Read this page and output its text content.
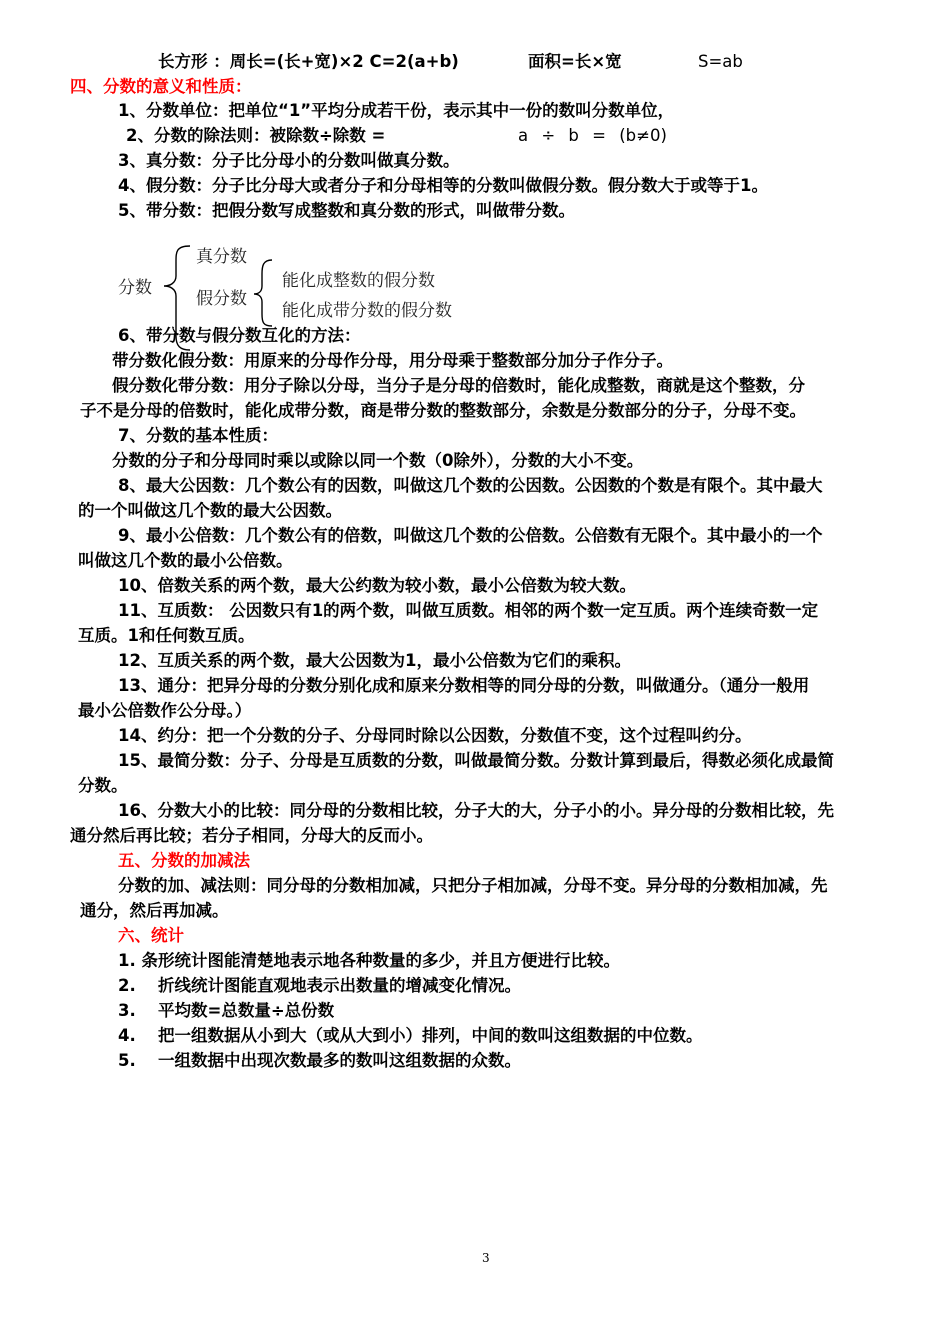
长方形 ：周长=(长+宽)×2 C=2(a+b)	面积=长×宽	S=ab
四、分数的意义和性质：
1、分数单位：把单位“1”平均分成若干份，表示其中一份的数叫分数单位，
2、分数的除法则：被除数÷除数 =	a ÷ b = (b≠0)
3、真分数：分子比分母小的分数叫做真分数。
4、假分数：分子比分母大或者分子和分母相等的分数叫做假分数。假分数大于或等于1。
5、带分数：把假分数写成整数和真分数的形式，叫做带分数。
分数
真分数
假分数
能化成整数的假分数
能化成带分数的假分数
6、带分数与假分数互化的方法：
带分数化假分数：用原来的分母作分母，用分母乘于整数部分加分子作分子。
假分数化带分数：用分子除以分母，当分子是分母的倍数时，能化成整数，商就是这个整数，分
子不是分母的倍数时，能化成带分数，商是带分数的整数部分，余数是分数部分的分子，分母不变。
7、分数的基本性质：
分数的分子和分母同时乘以或除以同一个数（0除外），分数的大小不变。
8、最大公因数：几个数公有的因数，叫做这几个数的公因数。公因数的个数是有限个。其中最大
的一个叫做这几个数的最大公因数。
9、最小公倍数：几个数公有的倍数，叫做这几个数的公倍数。公倍数有无限个。其中最小的一个
叫做这几个数的最小公倍数。
10、倍数关系的两个数，最大公约数为较小数，最小公倍数为较大数。
11、互质数： 公因数只有1的两个数，叫做互质数。相邻的两个数一定互质。两个连续奇数一定
互质。1和任何数互质。
12、互质关系的两个数，最大公因数为1，最小公倍数为它们的乘积。
13、通分：把异分母的分数分别化成和原来分数相等的同分母的分数，叫做通分。（通分一般用
最小公倍数作公分母。）
14、约分：把一个分数的分子、分母同时除以公因数，分数值不变，这个过程叫约分。
15、最简分数：分子、分母是互质数的分数，叫做最简分数。分数计算到最后，得数必须化成最简
分数。
16、分数大小的比较：同分母的分数相比较，分子大的大，分子小的小。异分母的分数相比较，先
通分然后再比较；若分子相同，分母大的反而小。
五、分数的加减法
分数的加、减法则：同分母的分数相加减，只把分子相加减，分母不变。异分母的分数相加减，先
通分，然后再加减。
六、统计
1. 条形统计图能清楚地表示地各种数量的多少，并且方便进行比较。
2. 折线统计图能直观地表示出数量的增减变化情况。
3. 平均数=总数量÷总份数
4. 把一组数据从小到大（或从大到小）排列，中间的数叫这组数据的中位数。
5. 一组数据中出现次数最多的数叫这组数据的众数。
3
